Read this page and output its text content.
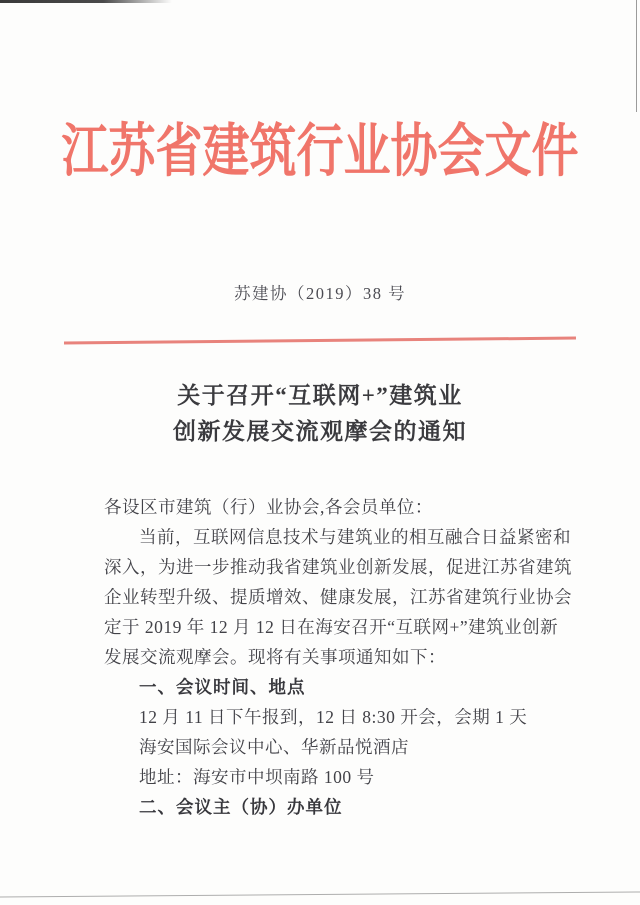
江苏省建筑行业协会文件
苏建协（2019）38 号
关于召开“互联网+”建筑业
创新发展交流观摩会的通知
各设区市建筑（行）业协会,各会员单位：
当前，互联网信息技术与建筑业的相互融合日益紧密和
深入，为进一步推动我省建筑业创新发展，促进江苏省建筑
企业转型升级、提质增效、健康发展，江苏省建筑行业协会
定于 2019 年 12 月 12 日在海安召开“互联网+”建筑业创新
发展交流观摩会。现将有关事项通知如下：
一、会议时间、地点
12 月 11 日下午报到，12 日 8:30 开会，会期 1 天
海安国际会议中心、华新品悦酒店
地址：海安市中坝南路 100 号
二、会议主（协）办单位
